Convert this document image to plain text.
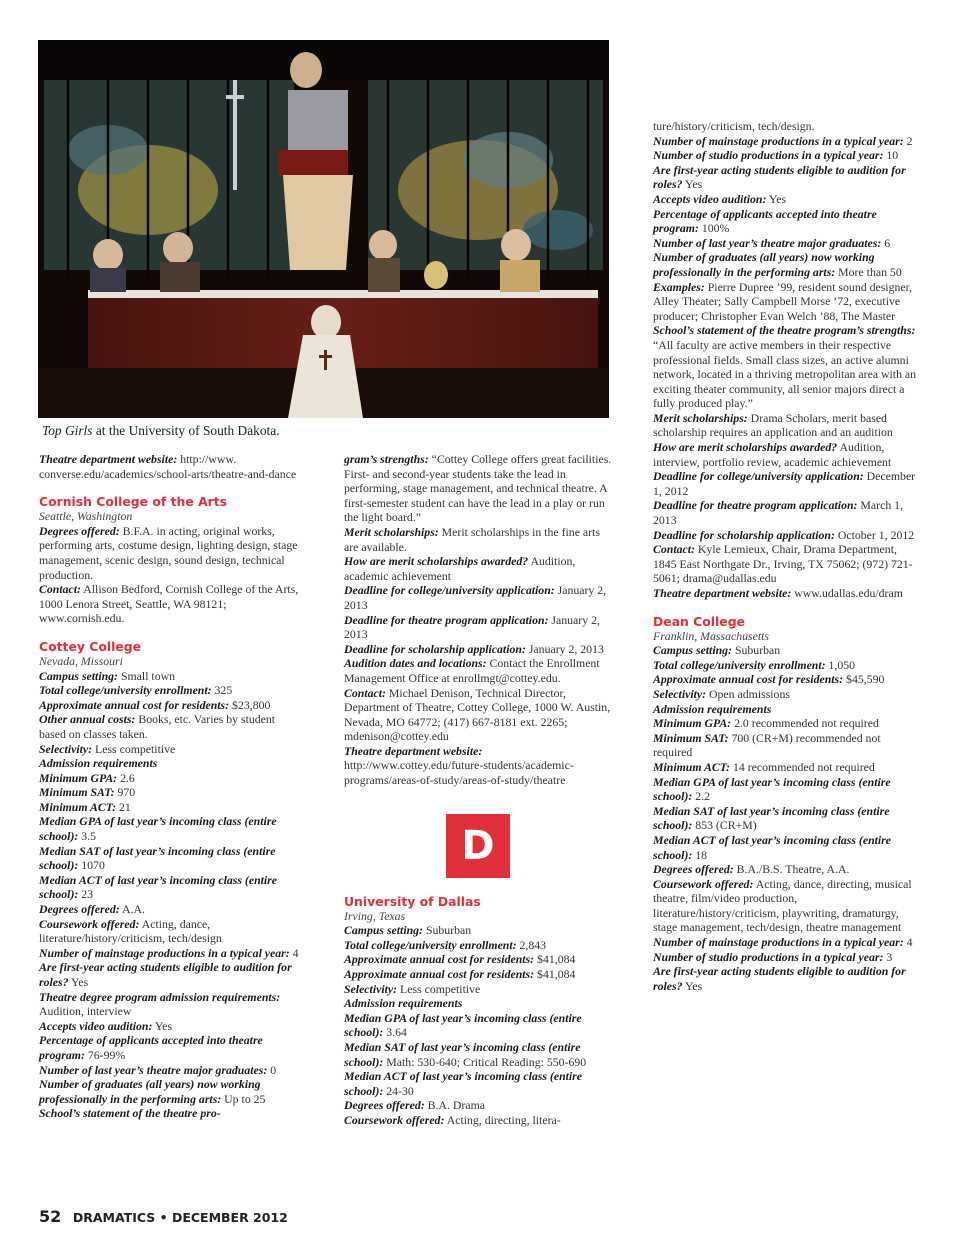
Top Girls at the University of South Dakota.

Theatre department website: http://www. converse.edu/academics/school-arts/theatre-and-dance

Cornish College of the Arts

Seattle, Washington

Degrees offered: B.F.A. in acting, original works, performing arts, costume design, lighting design, stage management, scenic design, sound design, technical production.

Contact: Allison Bedford, Cornish College of the Arts, 1000 Lenora Street, Seattle, WA 98121; www.cornish.edu.

Cottey College

Nevada, Missouri

Campus setting: Small town

Total college/university enrollment: 325

Approximate annual cost for residents: $23,800

Other annual costs: Books, etc. Varies by student based on classes taken.

Selectivity: Less competitive

Admission requirements

Minimum GPA: 2.6

Minimum SAT: 970

Minimum ACT: 21

Median GPA of last year’s incoming class (entire school): 3.5

Median SAT of last year’s incoming class (entire school): 1070

Median ACT of last year’s incoming class (entire school): 23

Degrees offered: A.A.

Coursework offered: Acting, dance, literature/history/criticism, tech/design

Number of mainstage productions in a typical year: 4

Are first-year acting students eligible to audition for roles? Yes

Theatre degree program admission requirements: Audition, interview

Accepts video audition: Yes

Percentage of applicants accepted into theatre program: 76-99%

Number of last year’s theatre major graduates: 0

Number of graduates (all years) now working professionally in the performing arts: Up to 25

School’s statement of the theatre pro-

gram’s strengths: “Cottey College offers great facilities. First- and second-year students take the lead in performing, stage management, and technical theatre. A first-semester student can have the lead in a play or run the light board.”

Merit scholarships: Merit scholarships in the fine arts are available.

How are merit scholarships awarded? Audition, academic achievement

Deadline for college/university application: January 2, 2013

Deadline for theatre program application: January 2, 2013

Deadline for scholarship application: January 2, 2013

Audition dates and locations: Contact the Enrollment Management Office at enrollmgt@cottey.edu.

Contact: Michael Denison, Technical Director, Department of Theatre, Cottey College, 1000 W. Austin, Nevada, MO 64772; (417) 667-8181 ext. 2265; mdenison@cottey.edu

Theatre department website: http://www.cottey.edu/future-students/academic-programs/areas-of-study/areas-of-study/theatre

D

University of Dallas

Irving, Texas

Campus setting: Suburban

Total college/university enrollment: 2,843

Approximate annual cost for residents: $41,084

Approximate annual cost for residents: $41,084

Selectivity: Less competitive

Admission requirements

Median GPA of last year’s incoming class (entire school): 3.64

Median SAT of last year’s incoming class (entire school): Math: 530-640; Critical Reading: 550-690

Median ACT of last year’s incoming class (entire school): 24-30

Degrees offered: B.A. Drama

Coursework offered: Acting, directing, litera-

ture/history/criticism, tech/design.

Number of mainstage productions in a typical year: 2

Number of studio productions in a typical year: 10

Are first-year acting students eligible to audition for roles? Yes

Accepts video audition: Yes

Percentage of applicants accepted into theatre program: 100%

Number of last year’s theatre major graduates: 6

Number of graduates (all years) now working professionally in the performing arts: More than 50

Examples: Pierre Dupree ’99, resident sound designer, Alley Theater; Sally Campbell Morse ’72, executive producer; Christopher Evan Welch ’88, The Master

School’s statement of the theatre program’s strengths: “All faculty are active members in their respective professional fields. Small class sizes, an active alumni network, located in a thriving metropolitan area with an exciting theater community, all senior majors direct a fully produced play.”

Merit scholarships: Drama Scholars, merit based scholarship requires an application and an audition

How are merit scholarships awarded? Audition, interview, portfolio review, academic achievement

Deadline for college/university application: December 1, 2012

Deadline for theatre program application: March 1, 2013

Deadline for scholarship application: October 1, 2012

Contact: Kyle Lemieux, Chair, Drama Department, 1845 East Northgate Dr., Irving, TX 75062; (972) 721-5061; drama@udallas.edu

Theatre department website: www.udallas.edu/dram

Dean College

Franklin, Massachusetts

Campus setting: Suburban

Total college/university enrollment: 1,050

Approximate annual cost for residents: $45,590

Selectivity: Open admissions

Admission requirements

Minimum GPA: 2.0 recommended not required

Minimum SAT: 700 (CR+M) recommended not required

Minimum ACT: 14 recommended not required

Median GPA of last year’s incoming class (entire school): 2.2

Median SAT of last year’s incoming class (entire school): 853 (CR+M)

Median ACT of last year’s incoming class (entire school): 18

Degrees offered: B.A./B.S. Theatre, A.A.

Coursework offered: Acting, dance, directing, musical theatre, film/video production, literature/history/criticism, playwriting, dramaturgy, stage management, tech/design, theatre management

Number of mainstage productions in a typical year: 4

Number of studio productions in a typical year: 3

Are first-year acting students eligible to audition for roles? Yes

52 DRAMATICS • DECEMBER 2012
